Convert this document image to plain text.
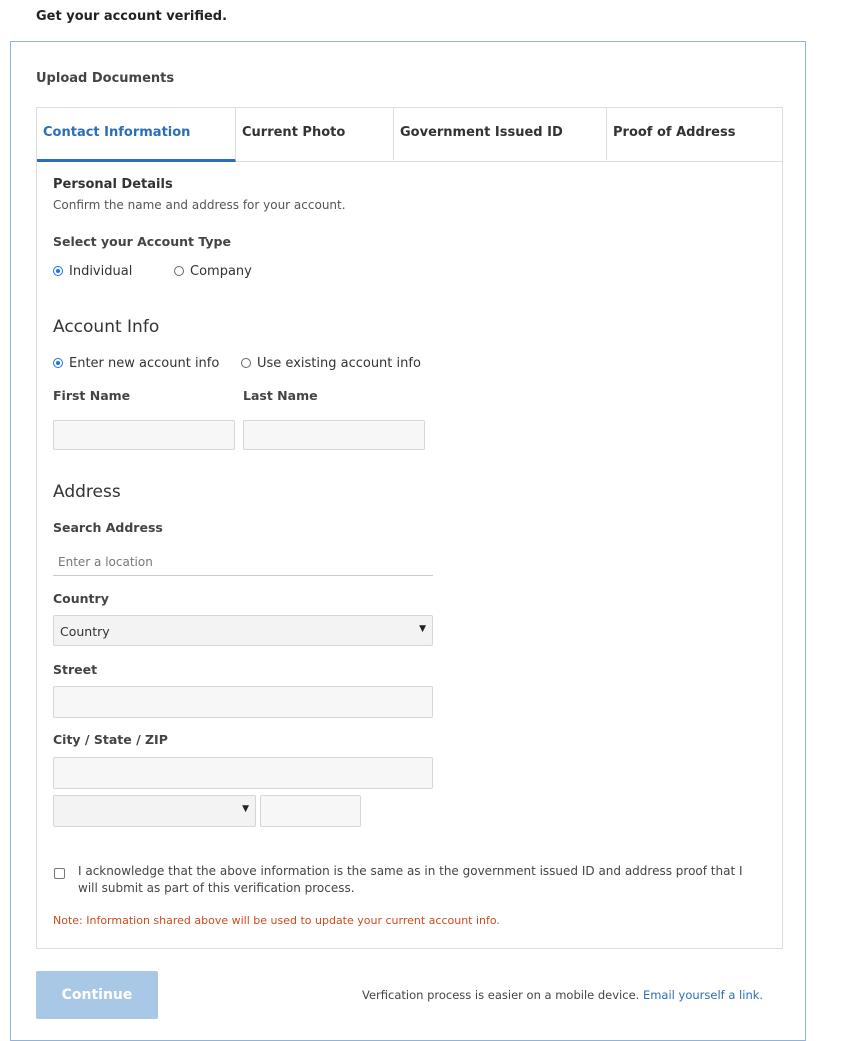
Get your account verified.
Upload Documents
Contact Information	Current Photo	Government Issued ID	Proof of Address
Personal Details
Confirm the name and address for your account.
Select your Account Type
Individual	Company
Account Info
Enter new account info	Use existing account info
First Name	Last Name
Address
Search Address
Enter a location
Country
Country	▼
Street
City / State / ZIP
▼
I acknowledge that the above information is the same as in the government issued ID and address proof that I
will submit as part of this verification process.
Note: Information shared above will be used to update your current account info.
Continue	Verfication process is easier on a mobile device. Email yourself a link.
